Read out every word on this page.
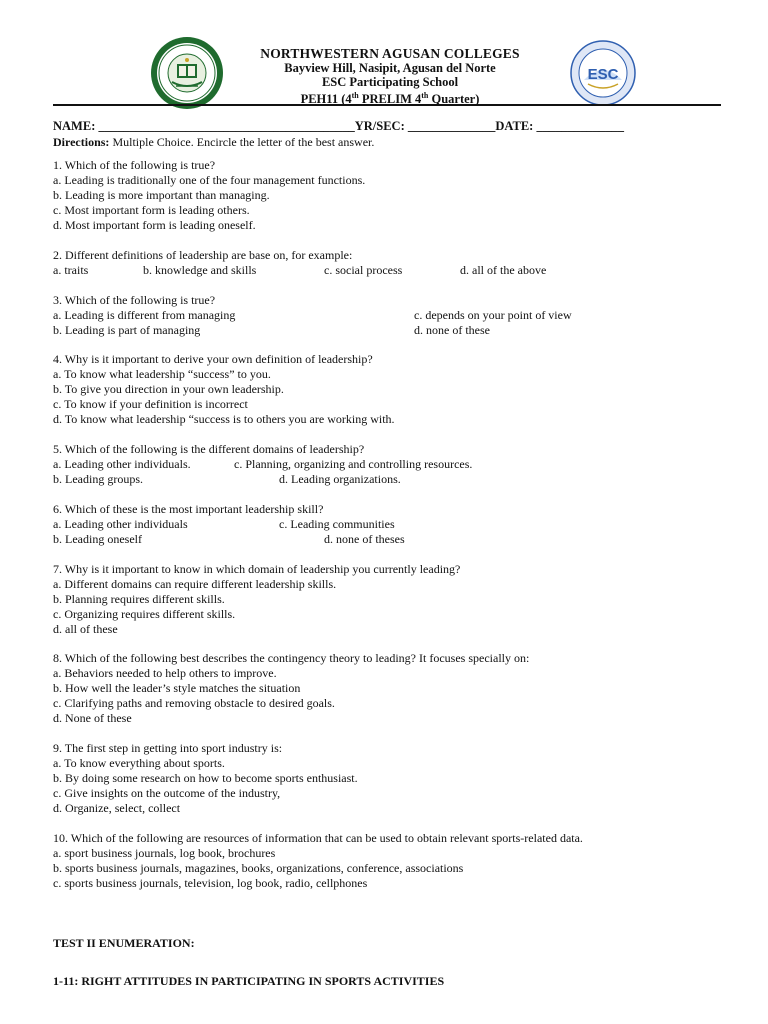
NORTHWESTERN AGUSAN COLLEGES
Bayview Hill, Nasipit, Agusan del Norte
ESC Participating School
PEH11 (4th PRELIM 4th Quarter)
ESC
NAME: _________________________________________YR/SEC: ______________DATE: ______________
Directions: Multiple Choice. Encircle the letter of the best answer.
1. Which of the following is true?
a. Leading is traditionally one of the four management functions.
b. Leading is more important than managing.
c. Most important form is leading others.
d. Most important form is leading oneself.
2. Different definitions of leadership are base on, for example:
a. traits	b. knowledge and skills	c. social process	d. all of the above
3. Which of the following is true?
a. Leading is different from managing	c. depends on your point of view
b. Leading is part of managing	d. none of these
4. Why is it important to derive your own definition of leadership?
a. To know what leadership “success” to you.
b. To give you direction in your own leadership.
c. To know if your definition is incorrect
d. To know what leadership “success is to others you are working with.
5. Which of the following is the different domains of leadership?
a. Leading other individuals.	c. Planning, organizing and controlling resources.
b. Leading groups.	d. Leading organizations.
6. Which of these is the most important leadership skill?
a. Leading other individuals	c. Leading communities
b. Leading oneself	d. none of theses
7. Why is it important to know in which domain of leadership you currently leading?
a. Different domains can require different leadership skills.
b. Planning requires different skills.
c. Organizing requires different skills.
d. all of these
8. Which of the following best describes the contingency theory to leading? It focuses specially on:
a. Behaviors needed to help others to improve.
b. How well the leader’s style matches the situation
c. Clarifying paths and removing obstacle to desired goals.
d. None of these
9. The first step in getting into sport industry is:
a. To know everything about sports.
b. By doing some research on how to become sports enthusiast.
c. Give insights on the outcome of the industry,
d. Organize, select, collect
10. Which of the following are resources of information that can be used to obtain relevant sports-related data.
a. sport business journals, log book, brochures
b. sports business journals, magazines, books, organizations, conference, associations
c. sports business journals, television, log book, radio, cellphones
TEST II ENUMERATION:
1-11: RIGHT ATTITUDES IN PARTICIPATING IN SPORTS ACTIVITIES
